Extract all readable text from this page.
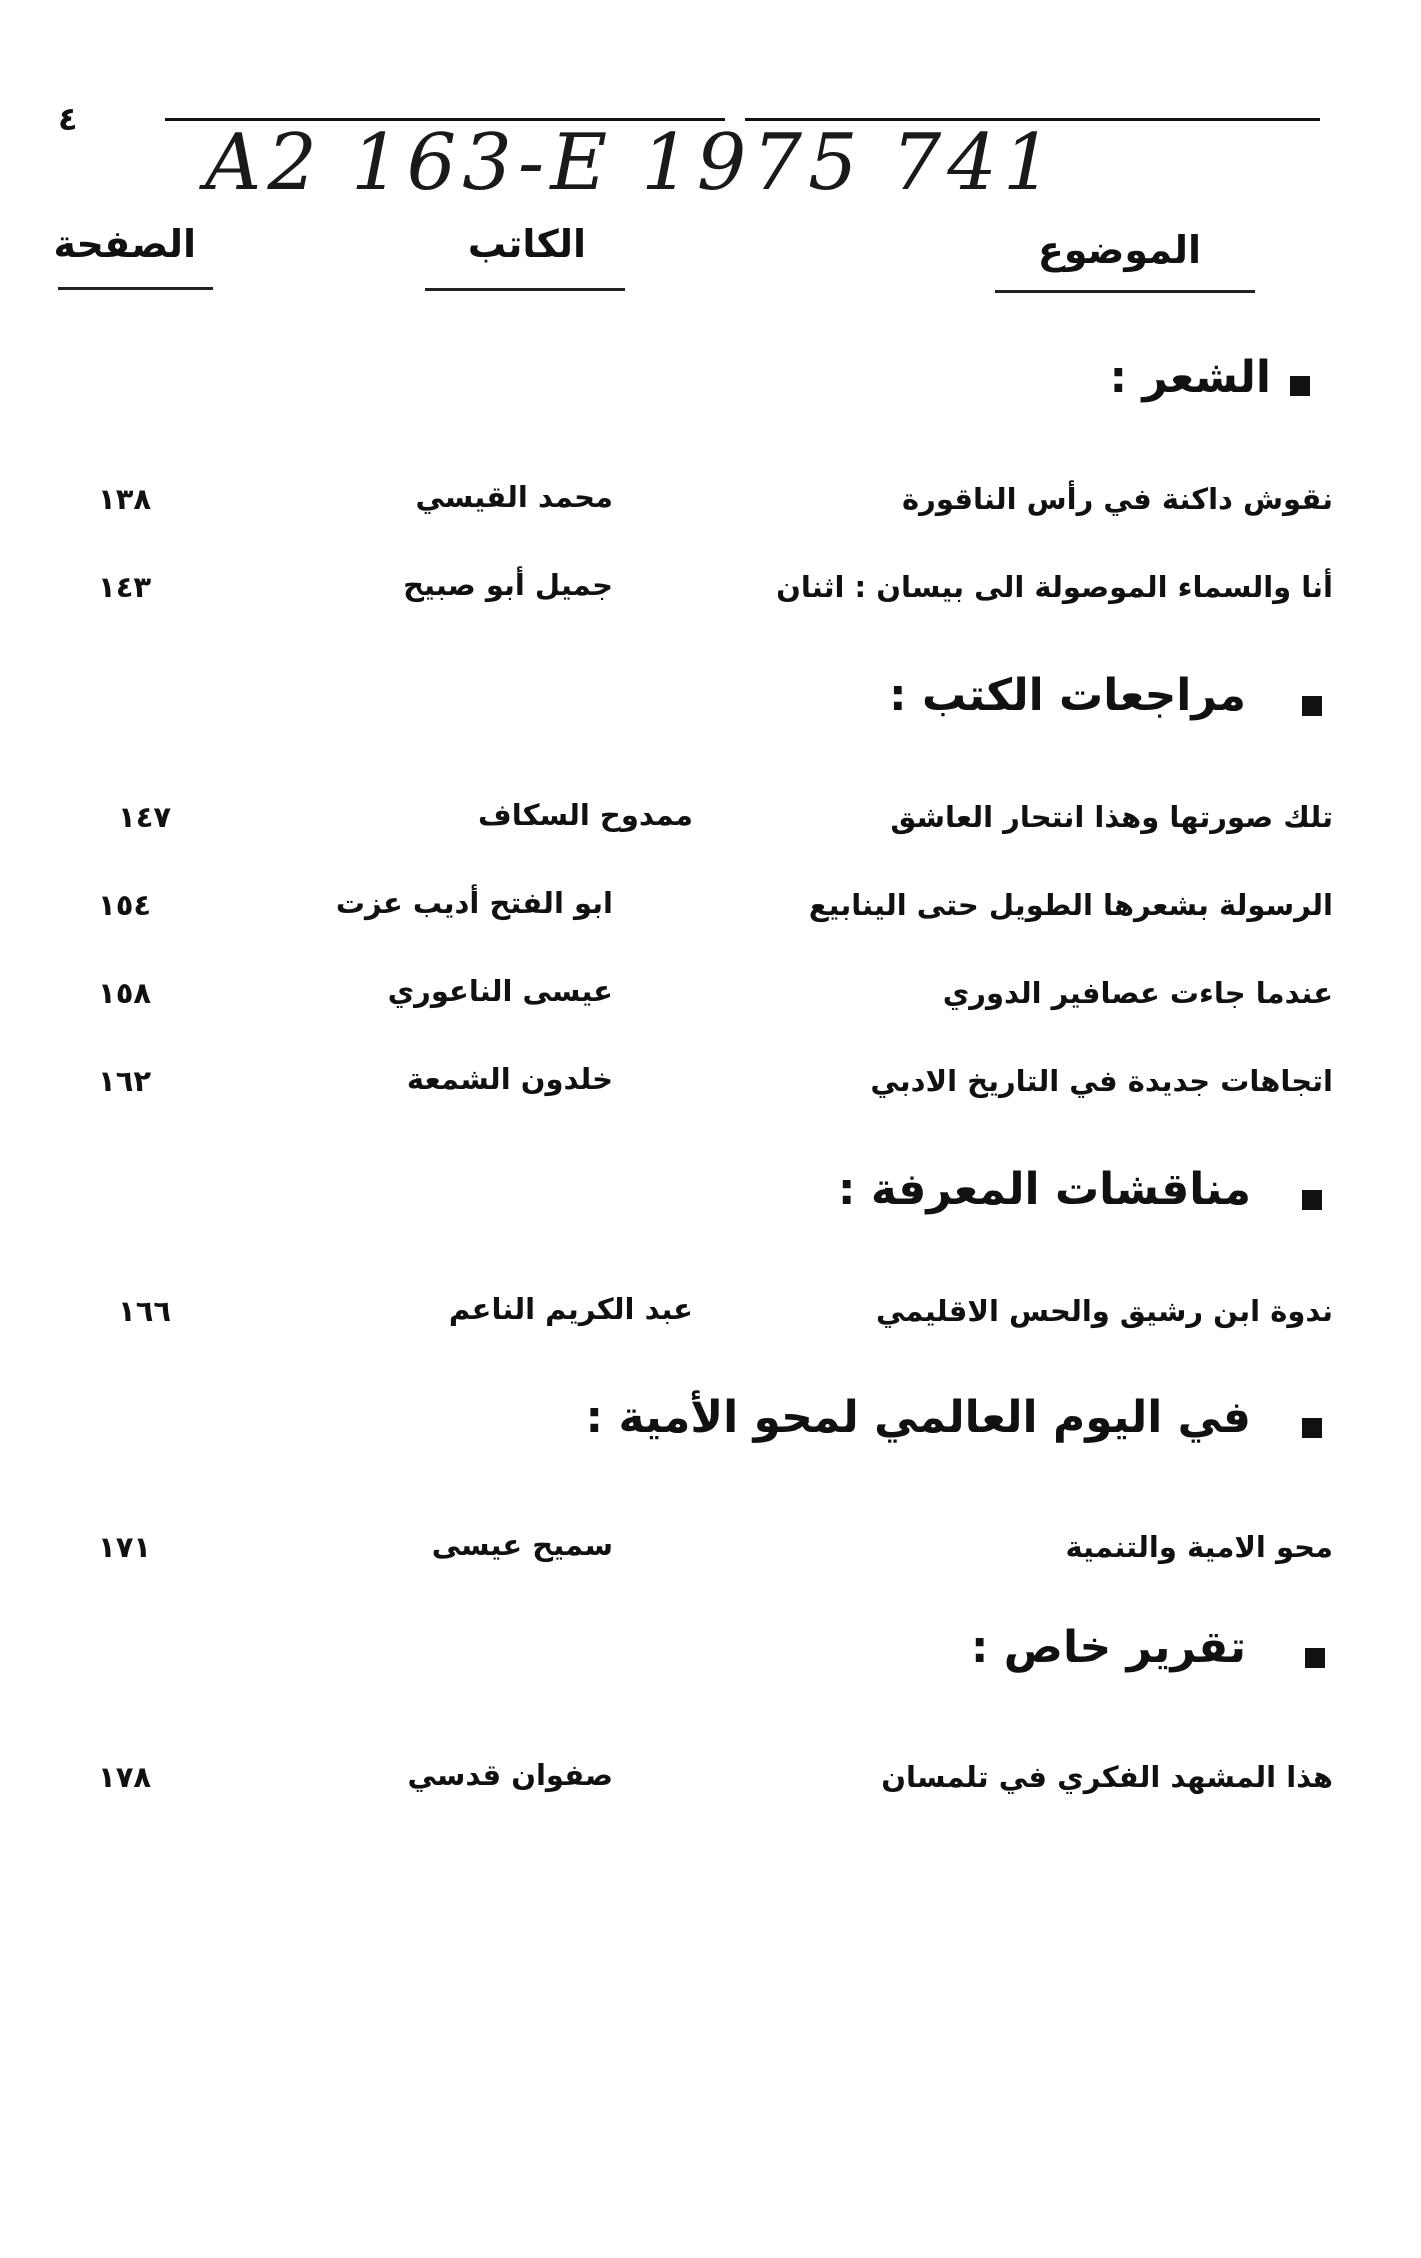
٤ A2 163-E 1975 741
الموضوع
الكاتب
الصفحة
الشعر :
نقوش داكنة في رأس الناقورة
محمد القيسي
١٣٨
أنا والسماء الموصولة الى بيسان : اثنان
جميل أبو صبيح
١٤٣
مراجعات الكتب :
تلك صورتها وهذا انتحار العاشق
ممدوح السكاف
١٤٧
الرسولة بشعرها الطويل حتى الينابيع
ابو الفتح أديب عزت
١٥٤
عندما جاءت عصافير الدوري
عيسى الناعوري
١٥٨
اتجاهات جديدة في التاريخ الادبي
خلدون الشمعة
١٦٢
مناقشات المعرفة :
ندوة ابن رشيق والحس الاقليمي
عبد الكريم الناعم
١٦٦
في اليوم العالمي لمحو الأمية :
محو الامية والتنمية
سميح عيسى
١٧١
تقرير خاص :
هذا المشهد الفكري في تلمسان
صفوان قدسي
١٧٨
